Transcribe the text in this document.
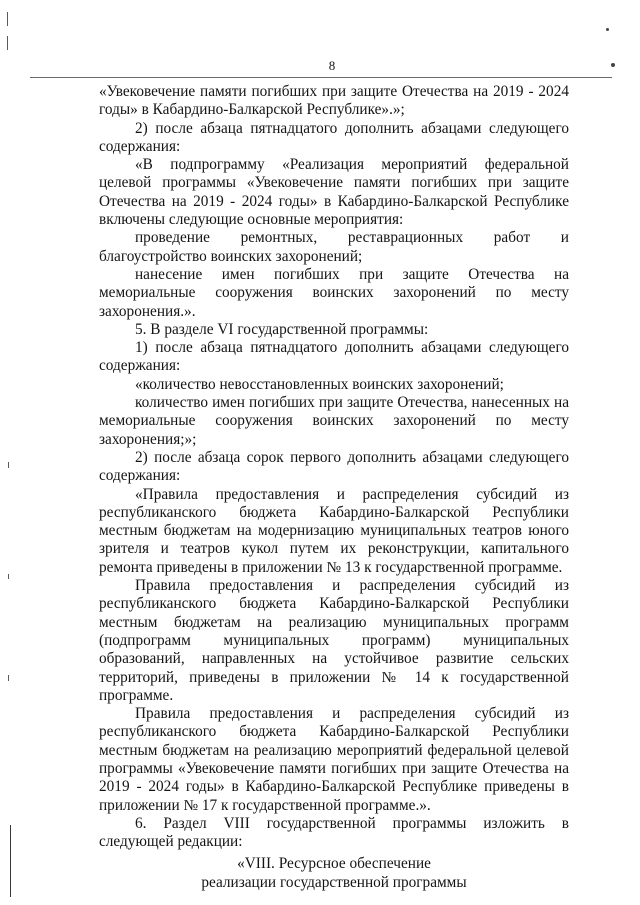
8

«Увековечение памяти погибших при защите Отечества на 2019 - 2024 годы» в Кабардино-Балкарской Республике».»;

2) после абзаца пятнадцатого дополнить абзацами следующего содержания:

«В подпрограмму «Реализация мероприятий федеральной целевой программы «Увековечение памяти погибших при защите Отечества на 2019 - 2024 годы» в Кабардино-Балкарской Республике включены следующие основные мероприятия:

проведение ремонтных, реставрационных работ и благоустройство воинских захоронений;

нанесение имен погибших при защите Отечества на мемориальные сооружения воинских захоронений по месту захоронения.».

5. В разделе VI государственной программы:

1) после абзаца пятнадцатого дополнить абзацами следующего содержания:

«количество невосстановленных воинских захоронений;

количество имен погибших при защите Отечества, нанесенных на мемориальные сооружения воинских захоронений по месту захоронения;»;

2) после абзаца сорок первого дополнить абзацами следующего содержания:

«Правила предоставления и распределения субсидий из республиканского бюджета Кабардино-Балкарской Республики местным бюджетам на модернизацию муниципальных театров юного зрителя и театров кукол путем их реконструкции, капитального ремонта приведены в приложении № 13 к государственной программе.

Правила предоставления и распределения субсидий из республиканского бюджета Кабардино-Балкарской Республики местным бюджетам на реализацию муниципальных программ (подпрограмм муниципальных программ) муниципальных образований, направленных на устойчивое развитие сельских территорий, приведены в приложении № 14 к государственной программе.

Правила предоставления и распределения субсидий из республиканского бюджета Кабардино-Балкарской Республики местным бюджетам на реализацию мероприятий федеральной целевой программы «Увековечение памяти погибших при защите Отечества на 2019 - 2024 годы» в Кабардино-Балкарской Республике приведены в приложении № 17 к государственной программе.».

6. Раздел VIII государственной программы изложить в следующей редакции:

«VIII. Ресурсное обеспечение
реализации государственной программы
